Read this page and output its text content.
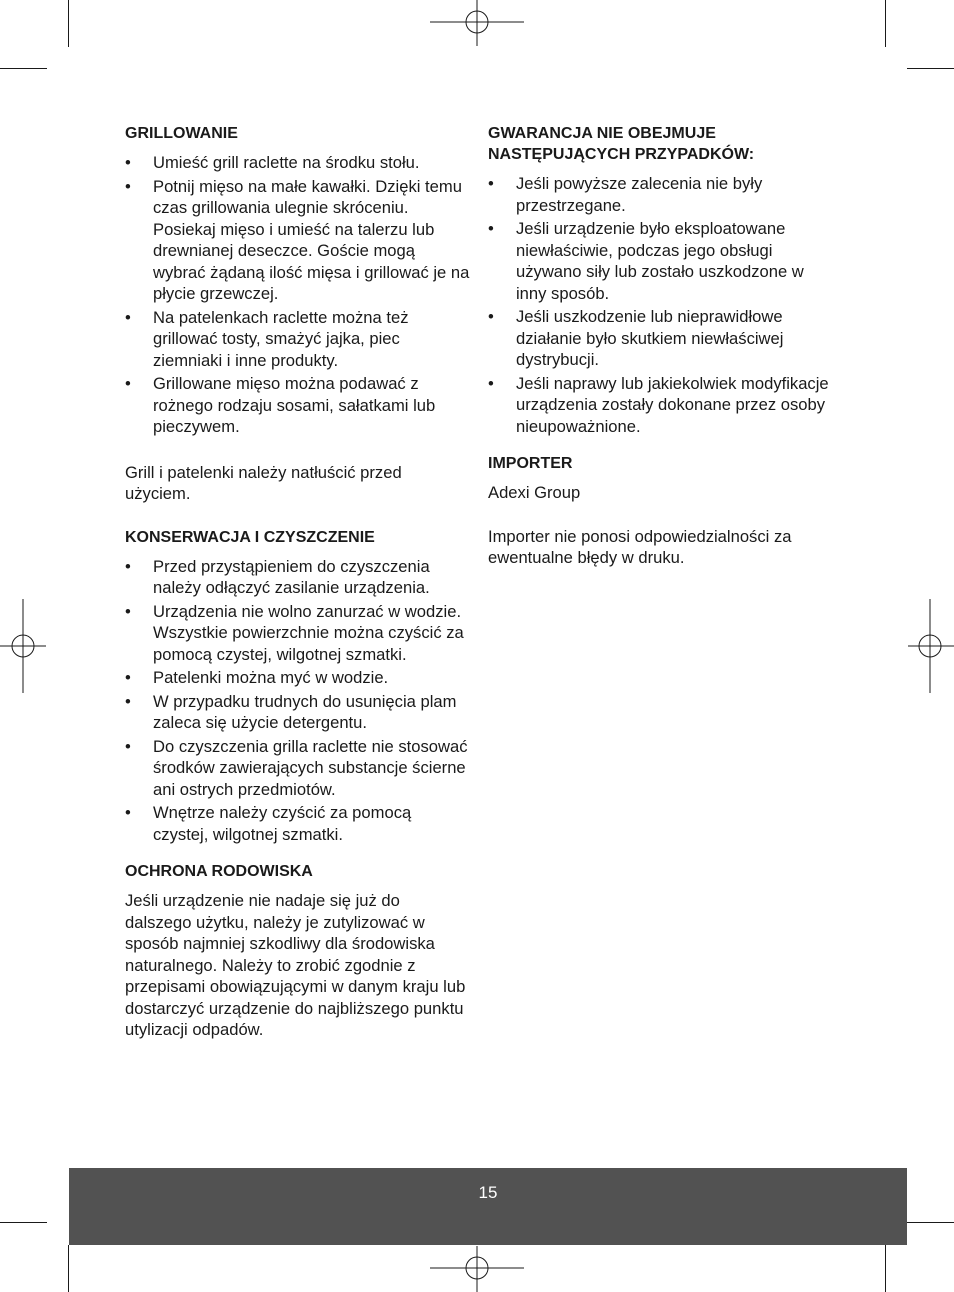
GRILLOWANIE
• Umieść grill raclette na środku stołu.
• Potnij mięso na małe kawałki. Dzięki temu czas grillowania ulegnie skróceniu. Posiekaj mięso i umieść na talerzu lub drewnianej deseczce. Goście mogą wybrać żądaną ilość mięsa i grillować je na płycie grzewczej.
• Na patelenkach raclette można też grillować tosty, smażyć jajka, piec ziemniaki i inne produkty.
• Grillowane mięso można podawać z rożnego rodzaju sosami, sałatkami lub pieczywem.

Grill i patelenki należy natłuścić przed użyciem.

KONSERWACJA I CZYSZCZENIE
• Przed przystąpieniem do czyszczenia należy odłączyć zasilanie urządzenia.
• Urządzenia nie wolno zanurzać w wodzie. Wszystkie powierzchnie można czyścić za pomocą czystej, wilgotnej szmatki.
• Patelenki można myć w wodzie.
• W przypadku trudnych do usunięcia plam zaleca się użycie detergentu.
• Do czyszczenia grilla raclette nie stosować środków zawierających substancje ścierne ani ostrych przedmiotów.
• Wnętrze należy czyścić za pomocą czystej, wilgotnej szmatki.
OCHRONA RODOWISKA

Jeśli urządzenie nie nadaje się już do dalszego użytku, należy je zutylizować w sposób najmniej szkodliwy dla środowiska naturalnego. Należy to zrobić zgodnie z przepisami obowiązującymi w danym kraju lub dostarczyć urządzenie do najbliższego punktu utylizacji odpadów.

GWARANCJA NIE OBEJMUJE NASTĘPUJĄCYCH PRZYPADKÓW:
• Jeśli powyższe zalecenia nie były przestrzegane.
• Jeśli urządzenie było eksploatowane niewłaściwie, podczas jego obsługi używano siły lub zostało uszkodzone w inny sposób.
• Jeśli uszkodzenie lub nieprawidłowe działanie było skutkiem niewłaściwej dystrybucji.
• Jeśli naprawy lub jakiekolwiek modyfikacje urządzenia zostały dokonane przez osoby nieupoważnione.
IMPORTER

Adexi Group

Importer nie ponosi odpowiedzialności za ewentualne błędy w druku.

15
